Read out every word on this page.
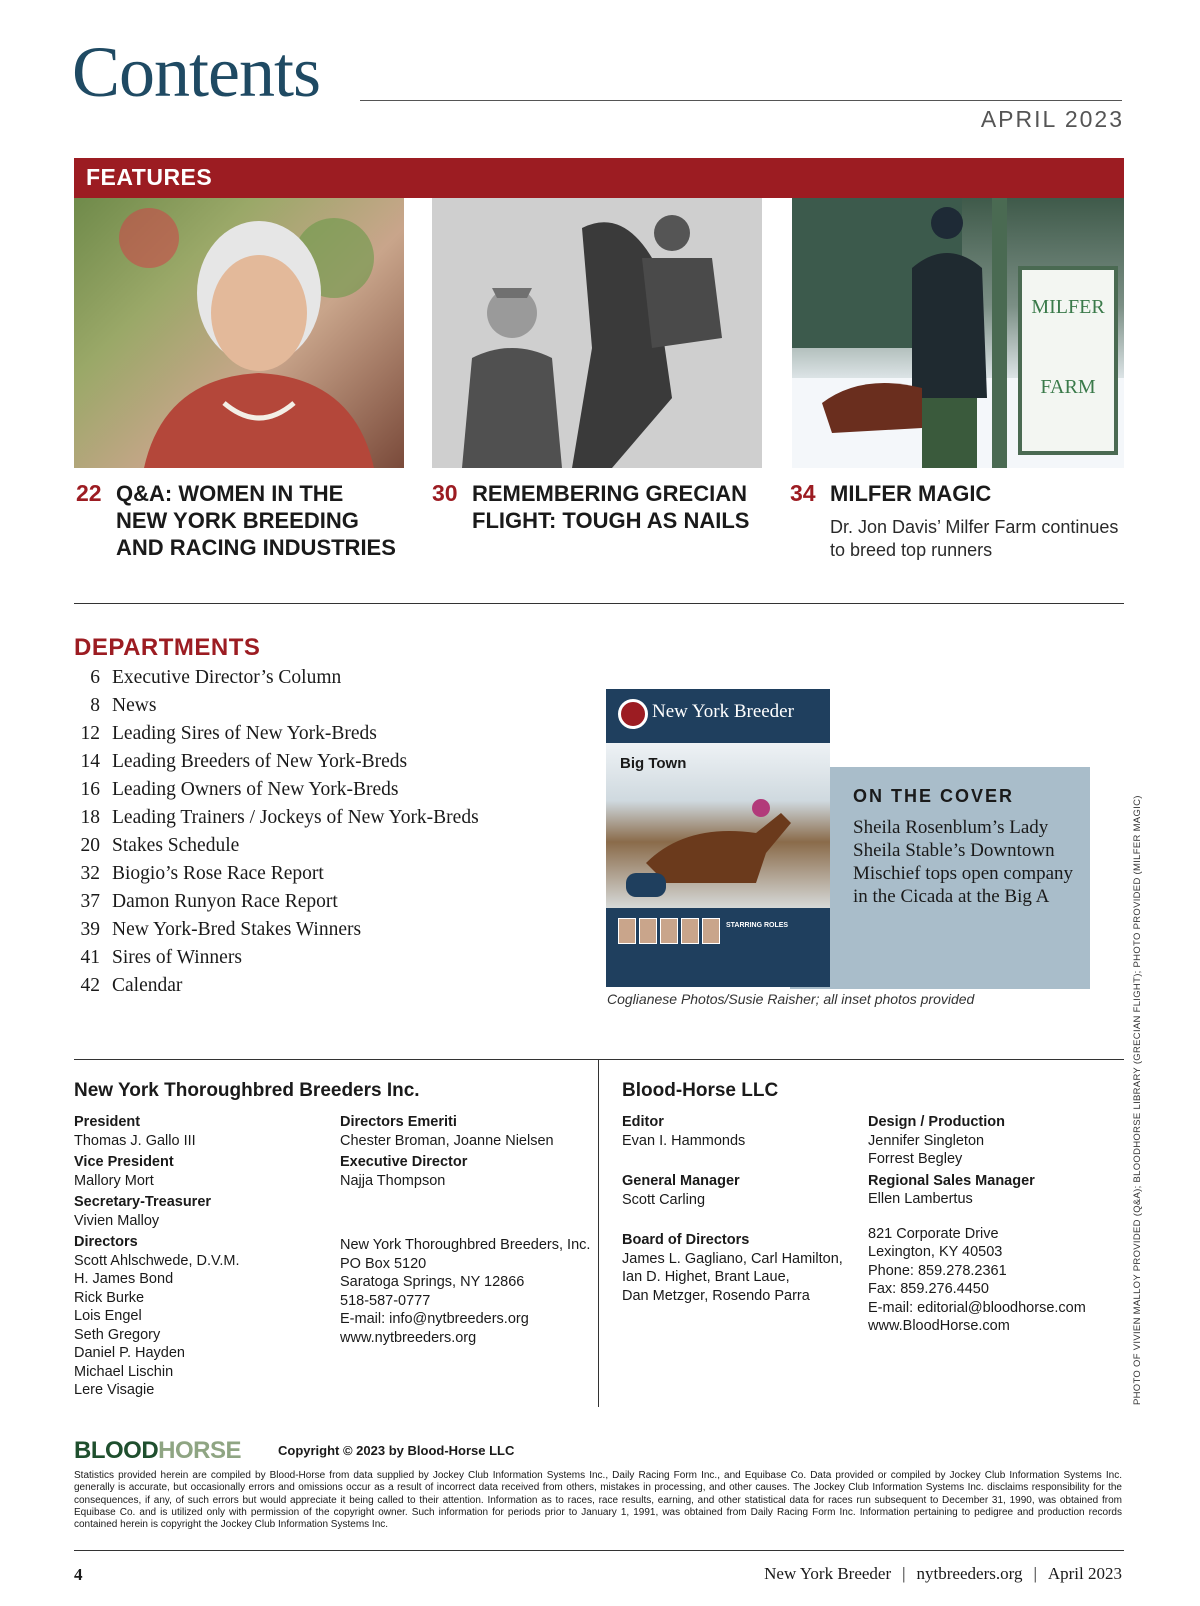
Contents
APRIL 2023
FEATURES
MILFER
FARM
22 Q&A: WOMEN IN THE NEW YORK BREEDING AND RACING INDUSTRIES
30 REMEMBERING GRECIAN FLIGHT: TOUGH AS NAILS
34 MILFER MAGIC
Dr. Jon Davis’ Milfer Farm continues to breed top runners
DEPARTMENTS
6 Executive Director’s Column
8 News
12 Leading Sires of New York-Breds
14 Leading Breeders of New York-Breds
16 Leading Owners of New York-Breds
18 Leading Trainers / Jockeys of New York-Breds
20 Stakes Schedule
32 Biogio’s Rose Race Report
37 Damon Runyon Race Report
39 New York-Bred Stakes Winners
41 Sires of Winners
42 Calendar
New York Breeder
Big Town
STARRING ROLES
ON THE COVER
Sheila Rosenblum’s Lady Sheila Stable’s Downtown Mischief tops open company in the Cicada at the Big A
Coglianese Photos/Susie Raisher; all inset photos provided	PHOTO OF VIVIEN MALLOY PROVIDED (Q&A); BLOODHORSE LIBRARY (GRECIAN FLIGHT); PHOTO PROVIDED (MILFER MAGIC)
New York Thoroughbred Breeders Inc.
President
Thomas J. Gallo III
Vice President
Mallory Mort
Secretary-Treasurer
Vivien Malloy
Directors
Scott Ahlschwede, D.V.M.
H. James Bond
Rick Burke
Lois Engel
Seth Gregory
Daniel P. Hayden
Michael Lischin
Lere Visagie
Directors Emeriti
Chester Broman, Joanne Nielsen
Executive Director
Najja Thompson
New York Thoroughbred Breeders, Inc.
PO Box 5120
Saratoga Springs, NY 12866
518-587-0777
E-mail: info@nytbreeders.org
www.nytbreeders.org
Blood-Horse LLC
Editor
Evan I. Hammonds
General Manager
Scott Carling
Board of Directors
James L. Gagliano, Carl Hamilton,
Ian D. Highet, Brant Laue,
Dan Metzger, Rosendo Parra
Design / Production
Jennifer Singleton
Forrest Begley
Regional Sales Manager
Ellen Lambertus
821 Corporate Drive
Lexington, KY 40503
Phone: 859.278.2361
Fax: 859.276.4450
E-mail: editorial@bloodhorse.com
www.BloodHorse.com
BLOODHORSE	Copyright © 2023 by Blood-Horse LLC
Statistics provided herein are compiled by Blood-Horse from data supplied by Jockey Club Information Systems Inc., Daily Racing Form Inc., and Equibase Co. Data provided or compiled by Jockey Club Information Systems Inc. generally is accurate, but occasionally errors and omissions occur as a result of incorrect data received from others, mistakes in processing, and other causes. The Jockey Club Information Systems Inc. disclaims responsibility for the consequences, if any, of such errors but would appreciate it being called to their attention. Information as to races, race results, earning, and other statistical data for races run subsequent to December 31, 1990, was obtained from Equibase Co. and is utilized only with permission of the copyright owner. Such information for periods prior to January 1, 1991, was obtained from Daily Racing Form Inc. Information pertaining to pedigree and production records contained herein is copyright the Jockey Club Information Systems Inc.
4	New York Breeder | nytbreeders.org | April 2023
